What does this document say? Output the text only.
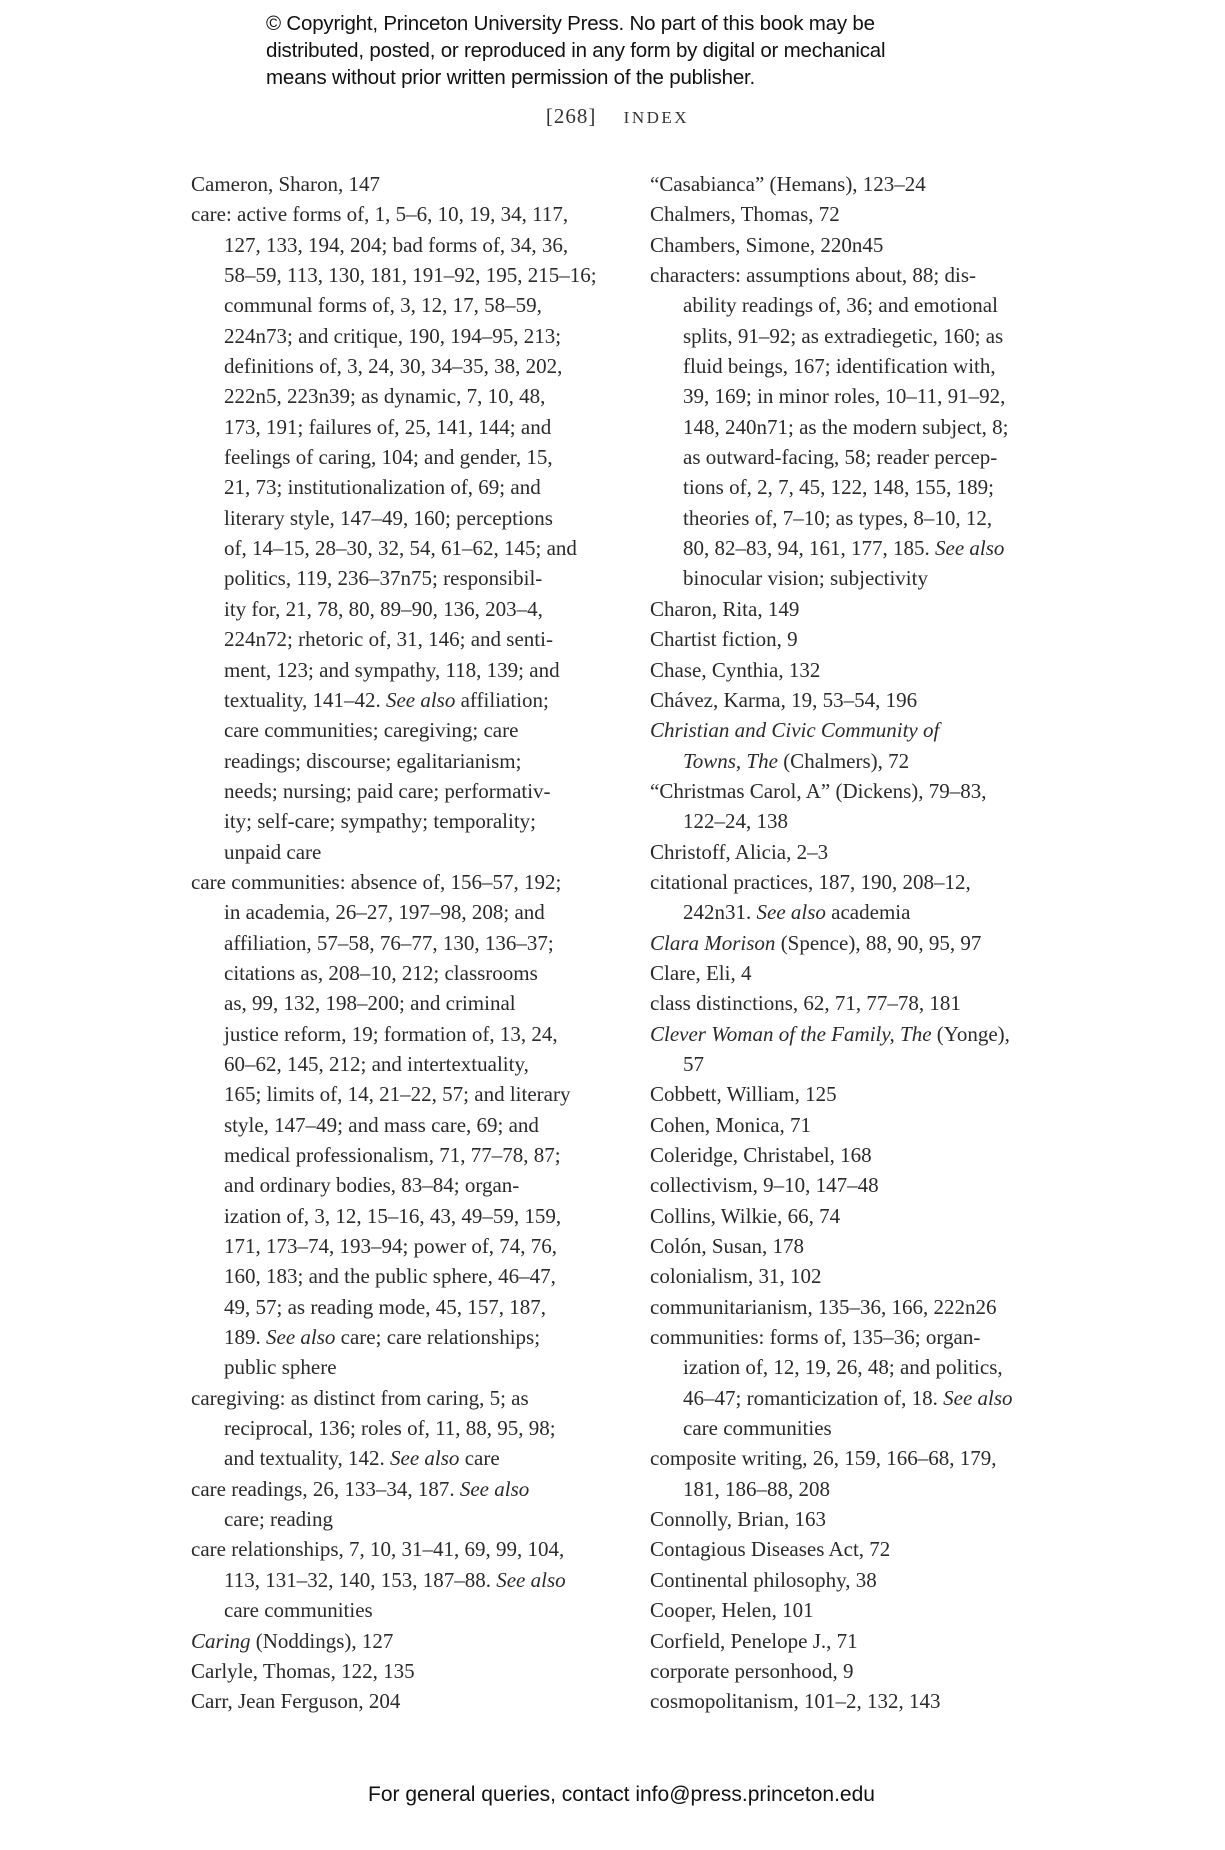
© Copyright, Princeton University Press. No part of this book may be
distributed, posted, or reproduced in any form by digital or mechanical
means without prior written permission of the publisher.
[268] INDEX
Cameron, Sharon, 147
care: active forms of, 1, 5–6, 10, 19, 34, 117,
127, 133, 194, 204; bad forms of, 34, 36,
58–59, 113, 130, 181, 191–92, 195, 215–16;
communal forms of, 3, 12, 17, 58–59,
224n73; and critique, 190, 194–95, 213;
definitions of, 3, 24, 30, 34–35, 38, 202,
222n5, 223n39; as dynamic, 7, 10, 48,
173, 191; failures of, 25, 141, 144; and
feelings of caring, 104; and gender, 15,
21, 73; institutionalization of, 69; and
literary style, 147–49, 160; perceptions
of, 14–15, 28–30, 32, 54, 61–62, 145; and
politics, 119, 236–37n75; responsibil-
ity for, 21, 78, 80, 89–90, 136, 203–4,
224n72; rhetoric of, 31, 146; and senti-
ment, 123; and sympathy, 118, 139; and
textuality, 141–42. See also affiliation;
care communities; caregiving; care
readings; discourse; egalitarianism;
needs; nursing; paid care; performativ-
ity; self-care; sympathy; temporality;
unpaid care
care communities: absence of, 156–57, 192;
in academia, 26–27, 197–98, 208; and
affiliation, 57–58, 76–77, 130, 136–37;
citations as, 208–10, 212; classrooms
as, 99, 132, 198–200; and criminal
justice reform, 19; formation of, 13, 24,
60–62, 145, 212; and intertextuality,
165; limits of, 14, 21–22, 57; and literary
style, 147–49; and mass care, 69; and
medical professionalism, 71, 77–78, 87;
and ordinary bodies, 83–84; organ-
ization of, 3, 12, 15–16, 43, 49–59, 159,
171, 173–74, 193–94; power of, 74, 76,
160, 183; and the public sphere, 46–47,
49, 57; as reading mode, 45, 157, 187,
189. See also care; care relationships;
public sphere
caregiving: as distinct from caring, 5; as
reciprocal, 136; roles of, 11, 88, 95, 98;
and textuality, 142. See also care
care readings, 26, 133–34, 187. See also
care; reading
care relationships, 7, 10, 31–41, 69, 99, 104,
113, 131–32, 140, 153, 187–88. See also
care communities
Caring (Noddings), 127
Carlyle, Thomas, 122, 135
Carr, Jean Ferguson, 204
“Casabianca” (Hemans), 123–24
Chalmers, Thomas, 72
Chambers, Simone, 220n45
characters: assumptions about, 88; dis-
ability readings of, 36; and emotional
splits, 91–92; as extradiegetic, 160; as
fluid beings, 167; identification with,
39, 169; in minor roles, 10–11, 91–92,
148, 240n71; as the modern subject, 8;
as outward-facing, 58; reader percep-
tions of, 2, 7, 45, 122, 148, 155, 189;
theories of, 7–10; as types, 8–10, 12,
80, 82–83, 94, 161, 177, 185. See also
binocular vision; subjectivity
Charon, Rita, 149
Chartist fiction, 9
Chase, Cynthia, 132
Chávez, Karma, 19, 53–54, 196
Christian and Civic Community of
Towns, The (Chalmers), 72
“Christmas Carol, A” (Dickens), 79–83,
122–24, 138
Christoff, Alicia, 2–3
citational practices, 187, 190, 208–12,
242n31. See also academia
Clara Morison (Spence), 88, 90, 95, 97
Clare, Eli, 4
class distinctions, 62, 71, 77–78, 181
Clever Woman of the Family, The (Yonge),
57
Cobbett, William, 125
Cohen, Monica, 71
Coleridge, Christabel, 168
collectivism, 9–10, 147–48
Collins, Wilkie, 66, 74
Colón, Susan, 178
colonialism, 31, 102
communitarianism, 135–36, 166, 222n26
communities: forms of, 135–36; organ-
ization of, 12, 19, 26, 48; and politics,
46–47; romanticization of, 18. See also
care communities
composite writing, 26, 159, 166–68, 179,
181, 186–88, 208
Connolly, Brian, 163
Contagious Diseases Act, 72
Continental philosophy, 38
Cooper, Helen, 101
Corfield, Penelope J., 71
corporate personhood, 9
cosmopolitanism, 101–2, 132, 143
For general queries, contact info@press.princeton.edu
